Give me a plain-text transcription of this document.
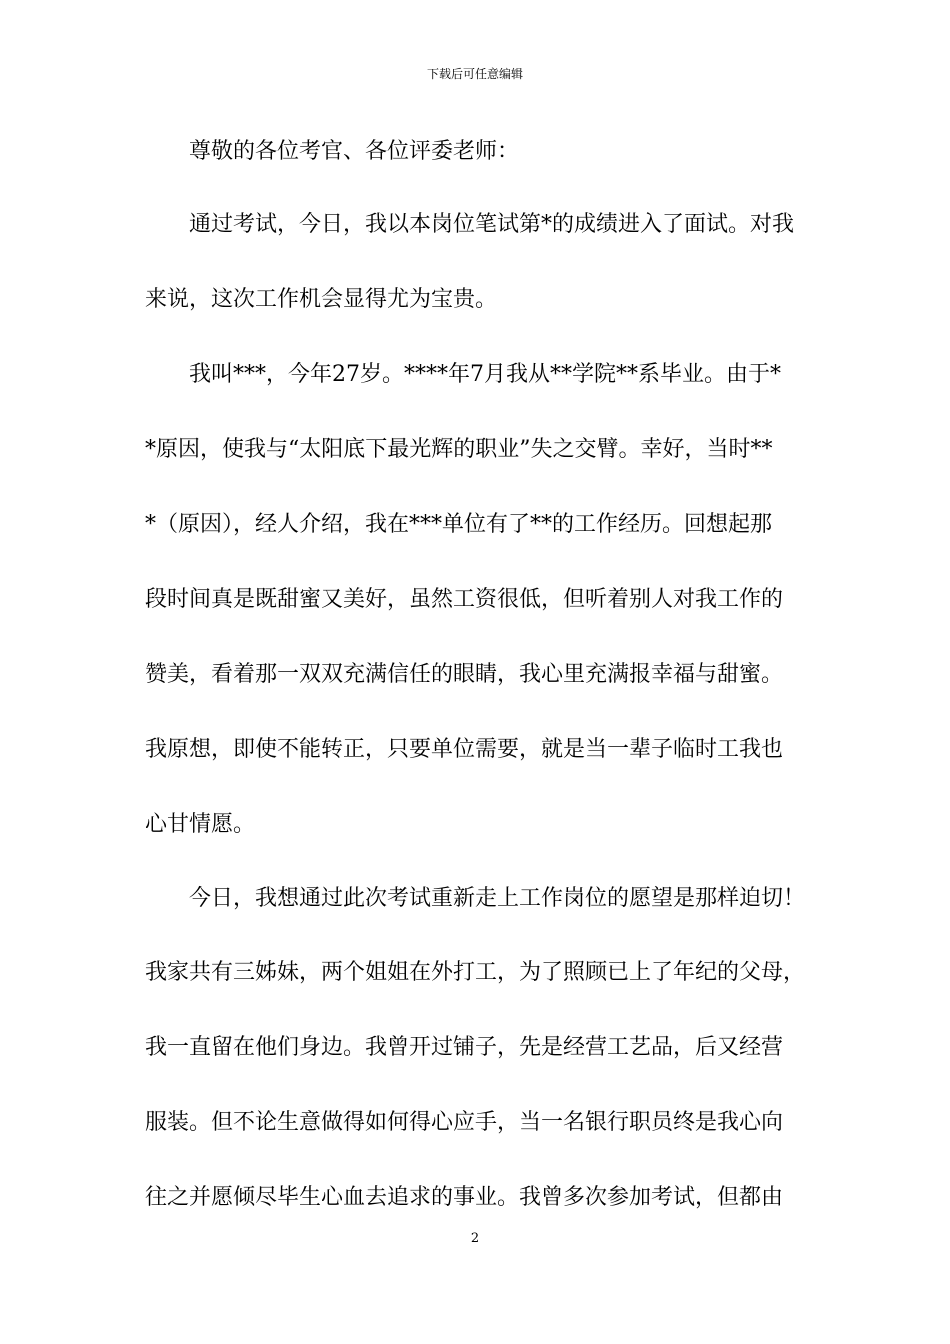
下载后可任意编辑
尊敬的各位考官、各位评委老师：
通过考试，今日，我以本岗位笔试第*的成绩进入了面试。对我
来说，这次工作机会显得尤为宝贵。
我叫***，今年27岁。****年7月我从**学院**系毕业。由于*
*原因，使我与“太阳底下最光辉的职业”失之交臂。幸好，当时**
*（原因），经人介绍，我在***单位有了**的工作经历。回想起那
段时间真是既甜蜜又美好，虽然工资很低，但听着别人对我工作的
赞美，看着那一双双充满信任的眼睛，我心里充满报幸福与甜蜜。
我原想，即使不能转正，只要单位需要，就是当一辈子临时工我也
心甘情愿。
今日，我想通过此次考试重新走上工作岗位的愿望是那样迫切！
我家共有三姊妹，两个姐姐在外打工，为了照顾已上了年纪的父母，
我一直留在他们身边。我曾开过铺子，先是经营工艺品，后又经营
服装。但不论生意做得如何得心应手，当一名银行职员终是我心向
往之并愿倾尽毕生心血去追求的事业。我曾多次参加考试，但都由
2
